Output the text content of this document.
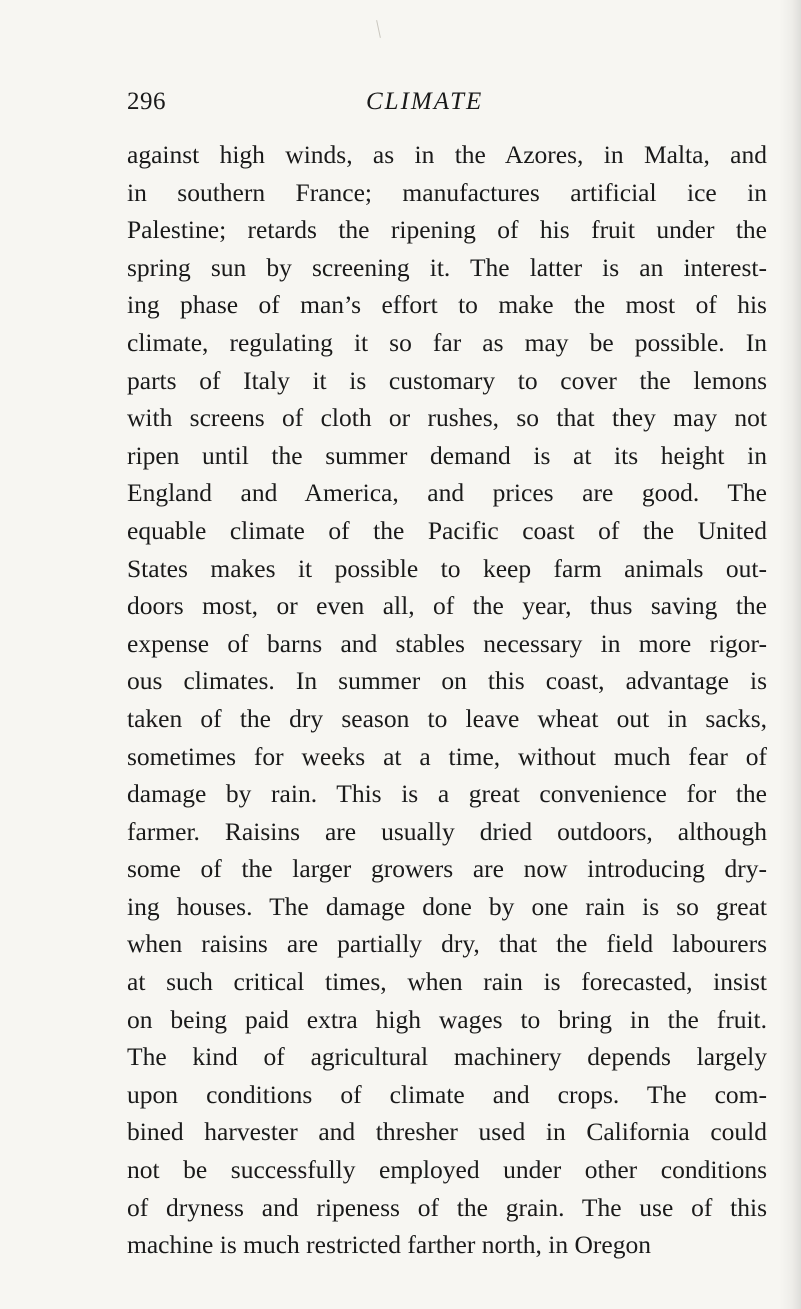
296	CLIMATE
against high winds, as in the Azores, in Malta, and
in southern France; manufactures artificial ice in
Palestine; retards the ripening of his fruit under the
spring sun by screening it. The latter is an interest-
ing phase of man’s effort to make the most of his
climate, regulating it so far as may be possible. In
parts of Italy it is customary to cover the lemons
with screens of cloth or rushes, so that they may not
ripen until the summer demand is at its height in
England and America, and prices are good. The
equable climate of the Pacific coast of the United
States makes it possible to keep farm animals out-
doors most, or even all, of the year, thus saving the
expense of barns and stables necessary in more rigor-
ous climates. In summer on this coast, advantage is
taken of the dry season to leave wheat out in sacks,
sometimes for weeks at a time, without much fear of
damage by rain. This is a great convenience for the
farmer. Raisins are usually dried outdoors, although
some of the larger growers are now introducing dry-
ing houses. The damage done by one rain is so great
when raisins are partially dry, that the field labourers
at such critical times, when rain is forecasted, insist
on being paid extra high wages to bring in the fruit.
The kind of agricultural machinery depends largely
upon conditions of climate and crops. The com-
bined harvester and thresher used in California could
not be successfully employed under other conditions
of dryness and ripeness of the grain. The use of this
machine is much restricted farther north, in Oregon
